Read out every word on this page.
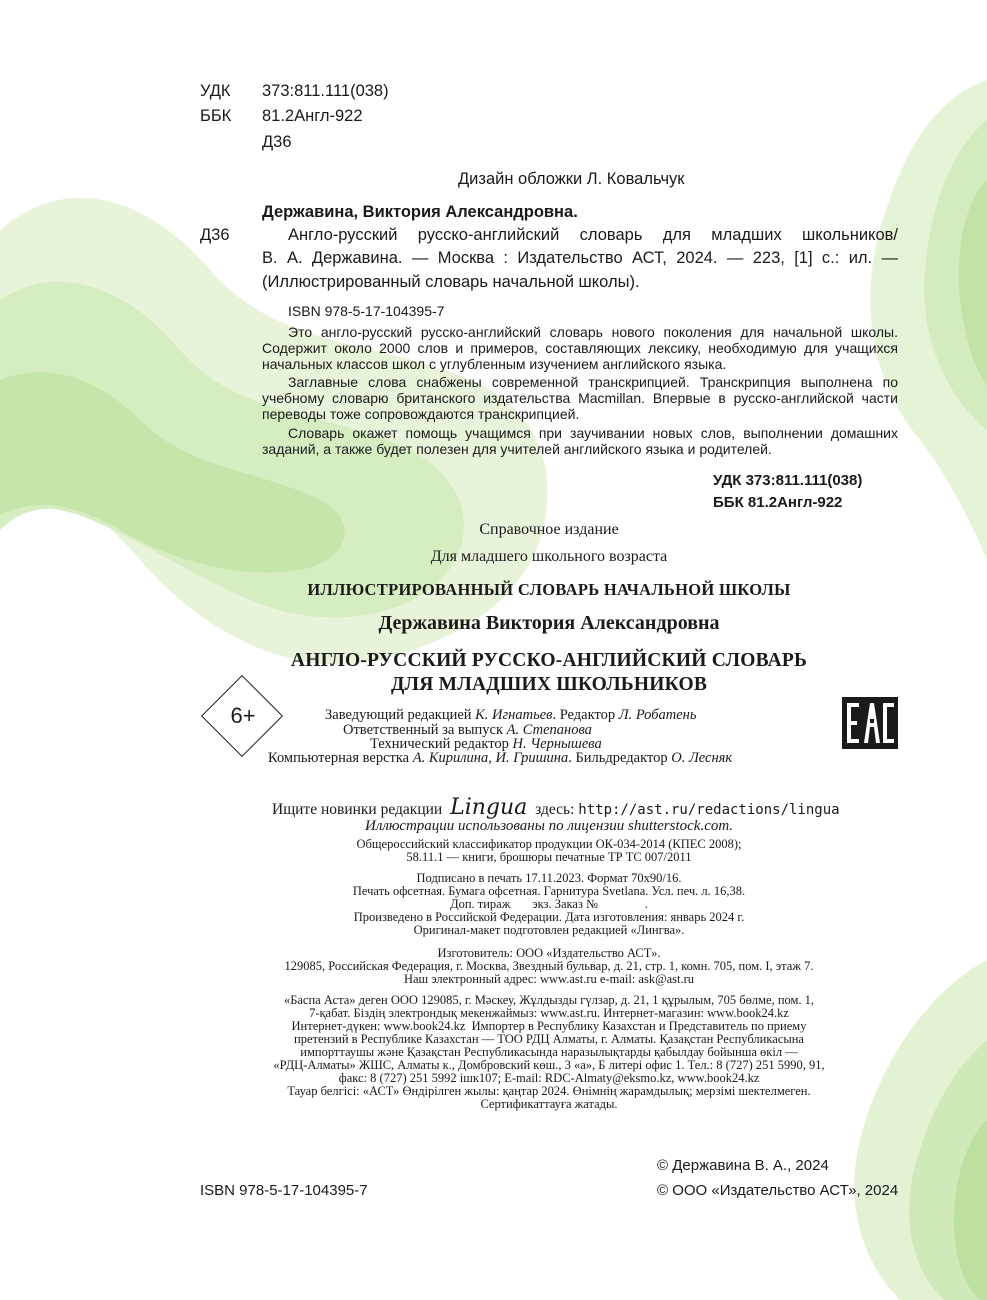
УДК 373:811.111(038)
ББК 81.2Англ-922
Д36
Дизайн обложки Л. Ковальчук
Державина, Виктория Александровна.
Д36	Англо-русский русско-английский словарь для младших школьников/
В. А. Державина. — Москва : Издательство АСТ, 2024. — 223, [1] с.: ил. —
(Иллюстрированный словарь начальной школы).
ISBN 978-5-17-104395-7
Это англо-русский русско-английский словарь нового поколения для начальной школы. Содержит около 2000 слов и примеров, составляющих лексику, необходимую для учащихся начальных классов школ с углубленным изучением английского языка.
Заглавные слова снабжены современной транскрипцией. Транскрипция выполнена по учебному словарю британского издательства Macmillan. Впервые в русско-английской части переводы тоже сопровождаются транскрипцией.
Словарь окажет помощь учащимся при заучивании новых слов, выполнении домашних заданий, а также будет полезен для учителей английского языка и родителей.
УДК 373:811.111(038)
ББК 81.2Англ-922
Справочное издание
Для младшего школьного возраста
ИЛЛЮСТРИРОВАННЫЙ СЛОВАРЬ НАЧАЛЬНОЙ ШКОЛЫ
Державина Виктория Александровна
АНГЛО-РУССКИЙ РУССКО-АНГЛИЙСКИЙ СЛОВАРЬ
ДЛЯ МЛАДШИХ ШКОЛЬНИКОВ
6+	Заведующий редакцией К. Игнатьев. Редактор Л. Робатень
Ответственный за выпуск А. Степанова
Технический редактор Н. Чернышева
Компьютерная верстка А. Кирилина, И. Гришина. Бильдредактор О. Лесняк
Ищите новинки редакции Lingua здесь: http://ast.ru/redactions/lingua
Иллюстрации использованы по лицензии shutterstock.com.
Общероссийский классификатор продукции ОК-034-2014 (КПЕС 2008);
58.11.1 — книги, брошюры печатные ТР ТС 007/2011
Подписано в печать 17.11.2023. Формат 70х90/16.
Печать офсетная. Бумага офсетная. Гарнитура Svetlana. Усл. печ. л. 16,38.
Доп. тираж       экз. Заказ №               .
Произведено в Российской Федерации. Дата изготовления: январь 2024 г.
Оригинал-макет подготовлен редакцией «Лингва».
Изготовитель: ООО «Издательство АСТ».
129085, Российская Федерация, г. Москва, Звездный бульвар, д. 21, стр. 1, комн. 705, пом. I, этаж 7.
Наш электронный адрес: www.ast.ru e-mail: ask@ast.ru
«Баспа Аста» деген ООО 129085, г. Мәскеу, Жұлдызды гүлзар, д. 21, 1 құрылым, 705 бөлме, пом. 1,
7-қабат. Біздің электрондық мекенжаймыз: www.ast.ru. Интернет-магазин: www.book24.kz
Интернет-дүкен: www.book24.kz  Импортер в Республику Казахстан и Представитель по приему
претензий в Республике Казахстан — ТОО РДЦ Алматы, г. Алматы. Қазақстан Республикасына
импорттаушы және Қазақстан Республикасында наразылықтарды қабылдау бойынша өкіл —
«РДЦ-Алматы» ЖШС, Алматы к., Домбровский көш., 3 «а», Б литері офис 1. Тел.: 8 (727) 251 5990, 91,
факс: 8 (727) 251 5992 ішк107; E-mail: RDC-Almaty@eksmo.kz, www.book24.kz
Тауар белгісі: «АСТ» Өндірілген жылы: қаңтар 2024. Өнімнің жарамдылық; мерзімі шектелмеген.
Сертификаттауға жатады.
© Державина В. А., 2024
ISBN 978-5-17-104395-7	© ООО «Издательство АСТ», 2024
